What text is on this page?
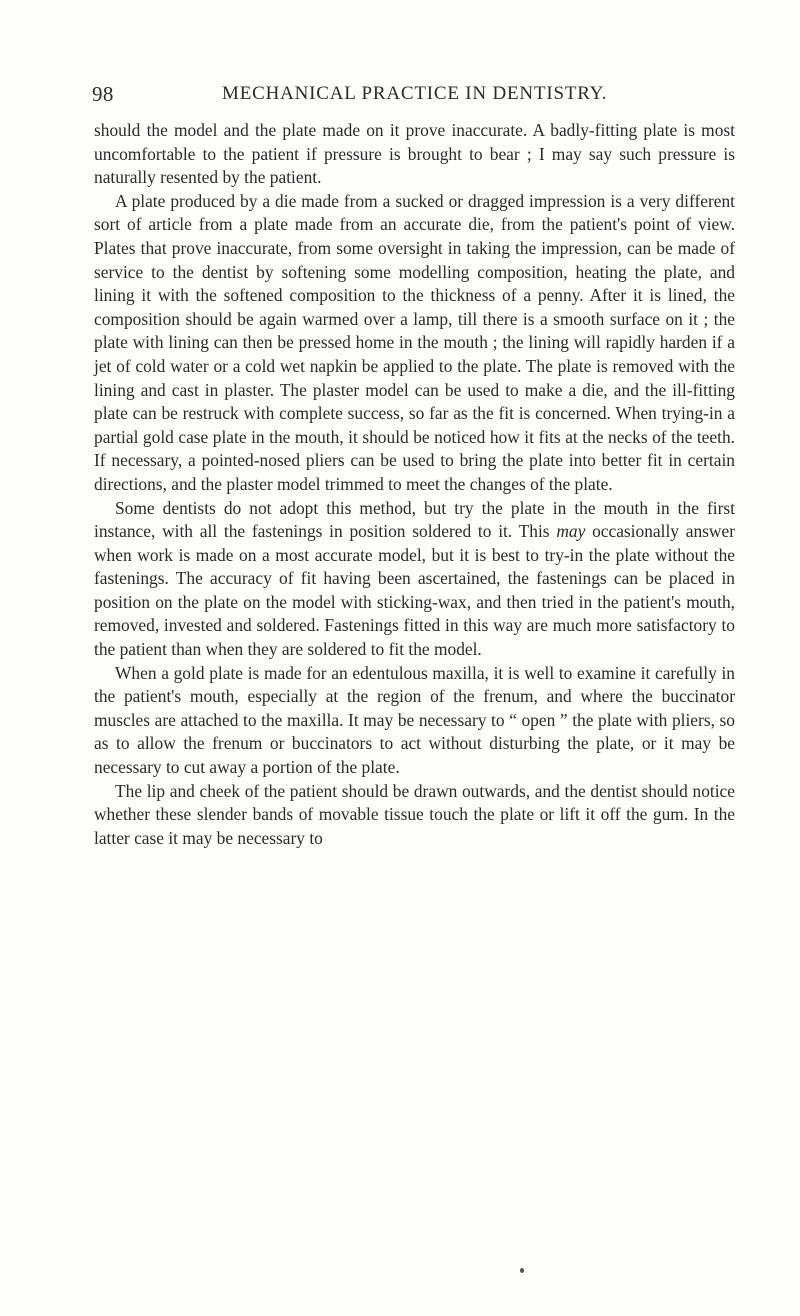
98	MECHANICAL PRACTICE IN DENTISTRY.

should the model and the plate made on it prove inaccurate. A badly-fitting plate is most uncomfortable to the patient if pressure is brought to bear ; I may say such pressure is naturally resented by the patient.

A plate produced by a die made from a sucked or dragged impression is a very different sort of article from a plate made from an accurate die, from the patient's point of view. Plates that prove inaccurate, from some oversight in taking the impression, can be made of service to the dentist by softening some modelling composition, heating the plate, and lining it with the softened composition to the thickness of a penny. After it is lined, the composition should be again warmed over a lamp, till there is a smooth surface on it ; the plate with lining can then be pressed home in the mouth ; the lining will rapidly harden if a jet of cold water or a cold wet napkin be applied to the plate. The plate is removed with the lining and cast in plaster. The plaster model can be used to make a die, and the ill-fitting plate can be restruck with complete success, so far as the fit is concerned. When trying-in a partial gold case plate in the mouth, it should be noticed how it fits at the necks of the teeth. If necessary, a pointed-nosed pliers can be used to bring the plate into better fit in certain directions, and the plaster model trimmed to meet the changes of the plate.

Some dentists do not adopt this method, but try the plate in the mouth in the first instance, with all the fastenings in position soldered to it. This may occasionally answer when work is made on a most accurate model, but it is best to try-in the plate without the fastenings. The accuracy of fit having been ascertained, the fastenings can be placed in position on the plate on the model with sticking-wax, and then tried in the patient's mouth, removed, invested and soldered. Fastenings fitted in this way are much more satisfactory to the patient than when they are soldered to fit the model.

When a gold plate is made for an edentulous maxilla, it is well to examine it carefully in the patient's mouth, especially at the region of the frenum, and where the buccinator muscles are attached to the maxilla. It may be necessary to “ open ” the plate with pliers, so as to allow the frenum or buccinators to act without disturbing the plate, or it may be necessary to cut away a portion of the plate.

The lip and cheek of the patient should be drawn outwards, and the dentist should notice whether these slender bands of movable tissue touch the plate or lift it off the gum. In the latter case it may be necessary to
